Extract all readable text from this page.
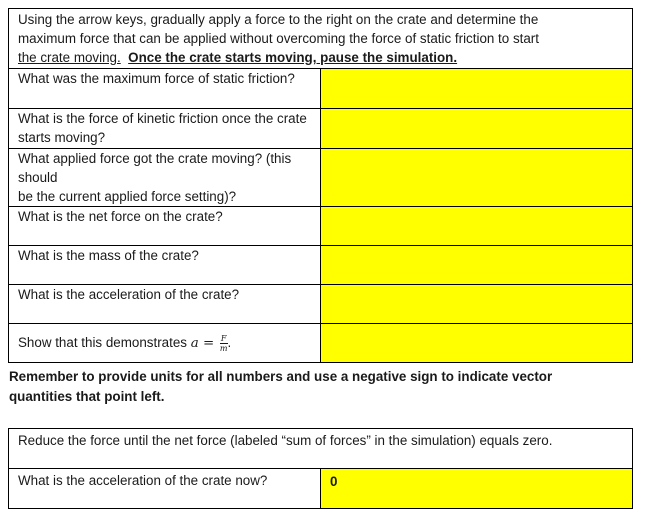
Using the arrow keys, gradually apply a force to the right on the crate and determine the
maximum force that can be applied without overcoming the force of static friction to start
the crate moving. Once the crate starts moving, pause the simulation.	

What was the maximum force of static friction?	

What is the force of kinetic friction once the crate
starts moving?	

What applied force got the crate moving? (this should
be the current applied force setting)?	

What is the net force on the crate?	

What is the mass of the crate?	

What is the acceleration of the crate?	

Show that this demonstrates $a = \frac{F}{m}$ .	
Remember to provide units for all numbers and use a negative sign to indicate vector
quantities that point left.
Reduce the force until the net force (labeled “sum of forces” in the simulation) equals zero.
What is the acceleration of the crate now?	0
